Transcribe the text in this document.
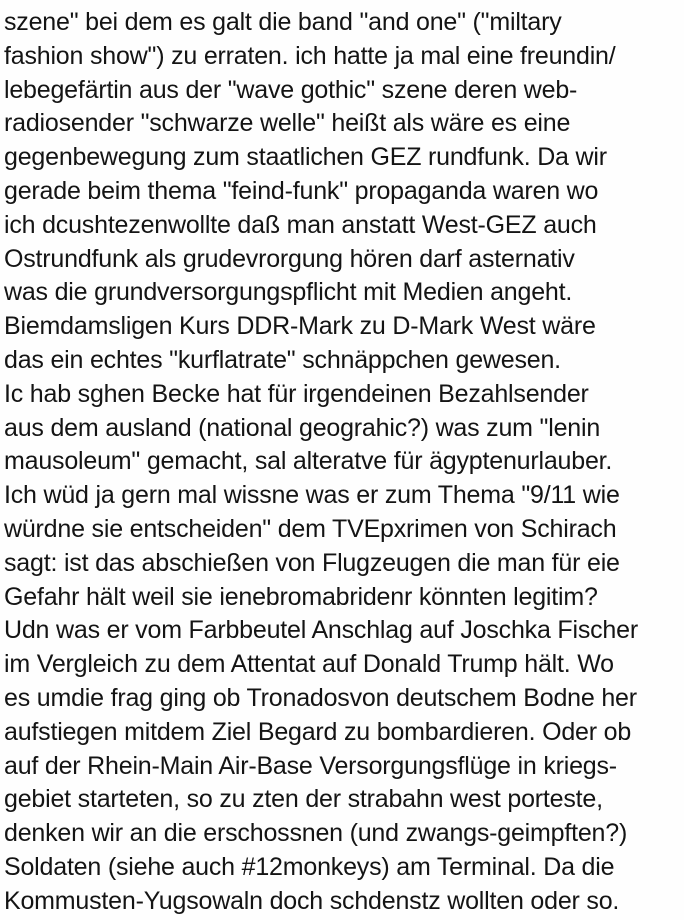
szene" bei dem es galt die band "and one" ("miltary
fashion show") zu erraten. ich hatte ja mal eine freundin/
lebegefärtin aus der "wave gothic" szene deren web-
radiosender "schwarze welle" heißt als wäre es eine
gegenbewegung zum staatlichen GEZ rundfunk. Da wir
gerade beim thema "feind-funk" propaganda waren wo
ich dcushtezenwollte daß man anstatt West-GEZ auch
Ostrundfunk als grudevrorgung hören darf asternativ
was die grundversorgungspflicht mit Medien angeht.
Biemdamsligen Kurs DDR-Mark zu D-Mark West wäre
das ein echtes "kurflatrate" schnäppchen gewesen.
Ic hab sghen Becke hat für irgendeinen Bezahlsender
aus dem ausland (national geograhic?) was zum "lenin
mausoleum" gemacht, sal alteratve für ägyptenurlauber.
Ich wüd ja gern mal wissne was er zum Thema "9/11 wie
würdne sie entscheiden" dem TVEpxrimen von Schirach
sagt: ist das abschießen von Flugzeugen die man für eie
Gefahr hält weil sie ienebromabridenr könnten legitim?
Udn was er vom Farbbeutel Anschlag auf Joschka Fischer
im Vergleich zu dem Attentat auf Donald Trump hält. Wo
es umdie frag ging ob Tronadosvon deutschem Bodne her
aufstiegen mitdem Ziel Begard zu bombardieren. Oder ob
auf der Rhein-Main Air-Base Versorgungsflüge in kriegs-
gebiet starteten, so zu zten der strabahn west porteste,
denken wir an die erschossnen (und zwangs-geimpften?)
Soldaten (siehe auch #12monkeys) am Terminal. Da die
Kommusten-Yugsowaln doch schdenstz wollten oder so.
